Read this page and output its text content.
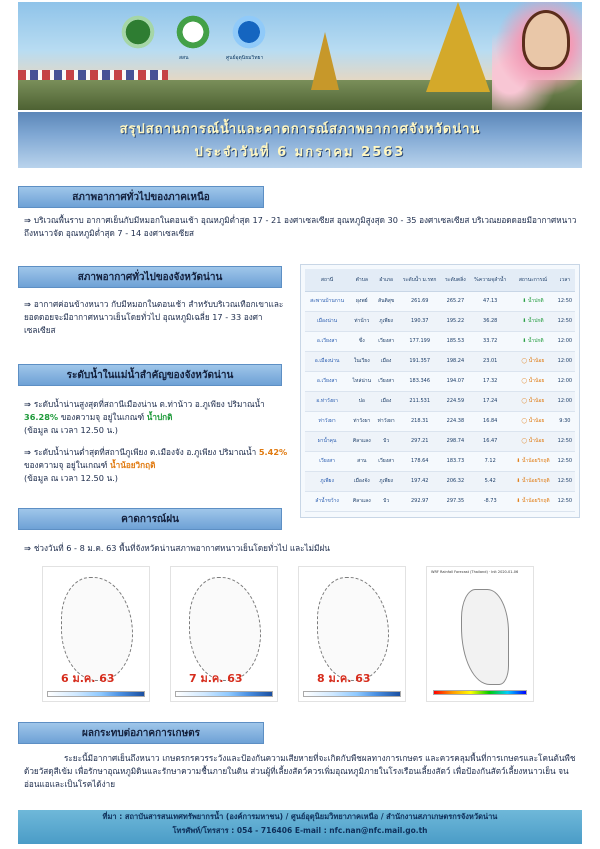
สสน	ศูนย์อุตุนิยมวิทยา
สรุปสถานการณ์น้ำและคาดการณ์สภาพอากาศจังหวัดน่าน
ประจำวันที่ 6 มกราคม 2563
สภาพอากาศทั่วไปของภาคเหนือ
⇒ บริเวณพื้นราบ อากาศเย็นกับมีหมอกในตอนเช้า อุณหภูมิต่ำสุด 17 - 21 องศาเซลเซียส อุณหภูมิสูงสุด 30 - 35 องศาเซลเซียส บริเวณยอดดอยมีอากาศหนาวถึงหนาวจัด อุณหภูมิต่ำสุด 7 - 14 องศาเซลเซียส
สภาพอากาศทั่วไปของจังหวัดน่าน
⇒ อากาศค่อนข้างหนาว กับมีหมอกในตอนเช้า สำหรับบริเวณเทือกเขาและยอดดอยจะมีอากาศหนาวเย็นโดยทั่วไป อุณหภูมิเฉลี่ย 17 - 33 องศาเซลเซียส
ระดับน้ำในแม่น้ำสำคัญของจังหวัดน่าน
⇒ ระดับน้ำน่านสูงสุดที่สถานีเมืองน่าน ต.ท่าน้าว อ.ภูเพียง ปริมาณน้ำ 36.28% ของความจุ อยู่ในเกณฑ์ น้ำปกติ
(ข้อมูล ณ เวลา 12.50 น.)
⇒ ระดับน้ำน่านต่ำสุดที่สถานีภูเพียง ต.เมืองจัง อ.ภูเพียง ปริมาณน้ำ 5.42% ของความจุ อยู่ในเกณฑ์ น้ำน้อยวิกฤติ
(ข้อมูล ณ เวลา 12.50 น.)
สถานี	ตำบล	อำเภอ	ระดับน้ำ ม.รทก	ระดับตลิ่ง	%ความจุลำน้ำ	สถานะการณ์	เวลา
สะพานบ้านกาน	ผุงพย์	สันติสุข	261.69	265.27	47.13	⬇ น้ำปกติ	12:50
เมืองน่าน	ท่าน้าว	ภูเพียง	190.37	195.22	36.28	⬇ น้ำปกติ	12:50
อ.เวียงสา	ขึ่ง	เวียงสา	177.199	185.53	33.72	⬇ น้ำปกติ	12:00
อ.เมืองน่าน	ในเวียง	เมือง	191.357	198.24	23.01	◯ น้ำน้อย	12:00
อ.เวียงสา	ไหล่น่าน	เวียงสา	183.346	194.07	17.32	◯ น้ำน้อย	12:00
อ.ท่าวังผา	ปอ	เมือง	211.531	224.59	17.24	◯ น้ำน้อย	12:00
ท่าวังผา	ท่าวังผา	ท่าวังผา	218.31	224.38	16.84	◯ น้ำน้อย	9:30
ผาน้ำคุน	ศิลาแลง	ปัว	297.21	298.74	16.47	◯ น้ำน้อย	12:50
เวียงสา	สาน	เวียงสา	178.64	183.73	7.12	⬇ น้ำน้อยวิกฤติ	12:50
ภูเพียง	เมืองจัง	ภูเพียง	197.42	206.32	5.42	⬇ น้ำน้อยวิกฤติ	12:50
ลำน้ำขว้าง	ศิลาแลง	ปัว	292.97	297.35	-8.73	⬇ น้ำน้อยวิกฤติ	12:50
คาดการณ์ฝน
⇒ ช่วงวันที่ 6 - 8 ม.ค. 63 พื้นที่จังหวัดน่านสภาพอากาศหนาวเย็นโดยทั่วไป และไม่มีฝน
6 ม.ค. 63	7 ม.ค. 63	8 ม.ค. 63
WRF Rainfall Forecast (Thailand) · Init 2020-01-06
ผลกระทบต่อภาคการเกษตร
ระยะนี้มีอากาศเย็นถึงหนาว เกษตรกรควรระวังและป้องกันความเสียหายที่จะเกิดกับพืชผลทางการเกษตร และควรคลุมพื้นที่การเกษตรและโคนต้นพืชด้วยวัสดุสีเข้ม เพื่อรักษาอุณหภูมิดินและรักษาความชื้นภายในดิน ส่วนผู้ที่เลี้ยงสัตว์ควรเพิ่มอุณหภูมิภายในโรงเรือนเลี้ยงสัตว์ เพื่อป้องกันสัตว์เลี้ยงหนาวเย็น จนอ่อนแอและเป็นโรคได้ง่าย
ที่มา : สถาบันสารสนเทศทรัพยากรน้ำ (องค์การมหาชน) / ศูนย์อุตุนิยมวิทยาภาคเหนือ / สำนักงานสภาเกษตรกรจังหวัดน่าน
โทรศัพท์/โทรสาร : 054 - 716406 E-mail : nfc.nan@nfc.mail.go.th
